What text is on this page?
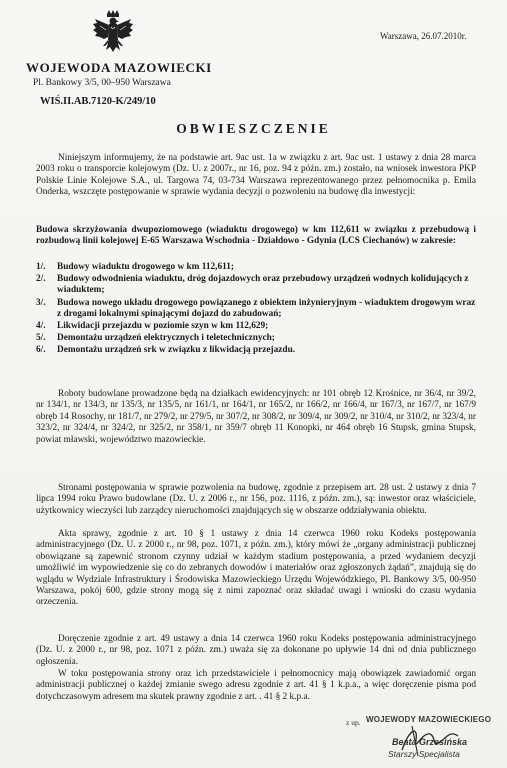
Warszawa, 26.07.2010r.
WOJEWODA MAZOWIECKI
Pl. Bankowy 3/5, 00–950 Warszawa
WIŚ.II.AB.7120-K/249/10
OBWIESZCZENIE

Niniejszym informujemy, że na podstawie art. 9ac ust. 1a w związku z art. 9ac ust. 1 ustawy z dnia 28 marca 2003 roku o transporcie kolejowym (Dz. U. z 2007r., nr 16, poz. 94 z późn. zm.) zostało, na wniosek inwestora PKP Polskie Linie Kolejowe S.A., ul. Targowa 74, 03-734 Warszawa reprezentowanego przez pełnomocnika p. Emila Onderka, wszczęte postępowanie w sprawie wydania decyzji o pozwoleniu na budowę dla inwestycji:

Budowa skrzyżowania dwupoziomowego (wiaduktu drogowego) w km 112,611 w związku z przebudową i rozbudową linii kolejowej E-65 Warszawa Wschodnia - Działdowo - Gdynia (LCS Ciechanów) w zakresie:

1/. Budowy wiaduktu drogowego w km 112,611;
2/. Budowy odwodnienia wiaduktu, dróg dojazdowych oraz przebudowy urządzeń wodnych kolidujących z wiaduktem;
3/. Budowa nowego układu drogowego powiązanego z obiektem inżynieryjnym - wiaduktem drogowym wraz z drogami lokalnymi spinającymi dojazd do zabudowań;
4/. Likwidacji przejazdu w poziomie szyn w km 112,629;
5/. Demontażu urządzeń elektrycznych i teletechnicznych;
6/. Demontażu urządzeń srk w związku z likwidacją przejazdu.

Roboty budowlane prowadzone będą na działkach ewidencyjnych: nr 101 obręb 12 Krośnice, nr 36/4, nr 39/2, nr 134/1, nr 134/3, nr 135/3, nr 135/5, nr 161/1, nr 164/1, nr 165/2, nr 166/2, nr 166/4, nr 167/3, nr 167/7, nr 167/9 obręb 14 Rosochy, nr 181/7, nr 279/2, nr 279/5, nr 307/2, nr 308/2, nr 309/4, nr 309/2, nr 310/4, nr 310/2, nr 323/4, nr 323/2, nr 324/4, nr 324/2, nr 325/2, nr 358/1, nr 359/7 obręb 11 Konopki, nr 464 obręb 16 Stupsk, gmina Stupsk, powiat mławski, województwo mazowieckie.

Stronami postępowania w sprawie pozwolenia na budowę, zgodnie z przepisem art. 28 ust. 2 ustawy z dnia 7 lipca 1994 roku Prawo budowlane (Dz. U. z 2006 r., nr 156, poz. 1116, z późn. zm.), są: inwestor oraz właściciele, użytkownicy wieczyści lub zarządcy nieruchomości znajdujących się w obszarze oddziaływania obiektu.

Akta sprawy, zgodnie z art. 10 § 1 ustawy z dnia 14 czerwca 1960 roku Kodeks postępowania administracyjnego (Dz. U. z 2000 r., nr 98, poz. 1071, z późn. zm.), który mówi że „organy administracji publicznej obowiązane są zapewnić stronom czynny udział w każdym stadium postępowania, a przed wydaniem decyzji umożliwić im wypowiedzenie się co do zebranych dowodów i materiałów oraz zgłoszonych żądań”, znajdują się do wglądu w Wydziale Infrastruktury i Środowiska Mazowieckiego Urzędu Wojewódzkiego, Pl. Bankowy 3/5, 00-950 Warszawa, pokój 600, gdzie strony mogą się z nimi zapoznać oraz składać uwagi i wnioski do czasu wydania orzeczenia.

Doręczenie zgodnie z art. 49 ustawy a dnia 14 czerwca 1960 roku Kodeks postępowania administracyjnego (Dz. U. z 2000 r., nr 98, poz. 1071 z późn. zm.) uważa się za dokonane po upływie 14 dni od dnia publicznego ogłoszenia.

W toku postępowania strony oraz ich przedstawiciele i pełnomocnicy mają obowiązek zawiadomić organ administracji publicznej o każdej zmianie swego adresu zgodnie z art. 41 § 1 k.p.a., a więc doręczenie pisma pod dotychczasowym adresem ma skutek prawny zgodnie z art. . 41 § 2 k.p.a.

z up. WOJEWODY MAZOWIECKIEGO
Beata Grzesińska
Starszy Specjalista
